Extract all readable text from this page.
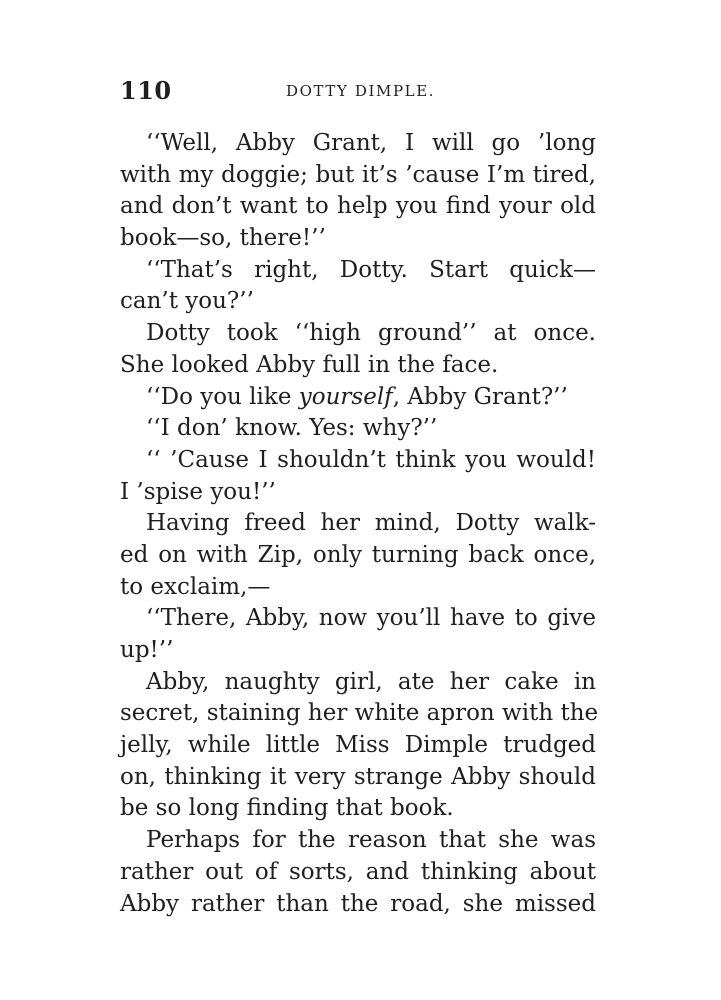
110	DOTTY DIMPLE.
‘‘Well, Abby Grant, I will go ’long
with my doggie; but it’s ’cause I’m tired,
and don’t want to help you find your old
book—so, there!’’
‘‘That’s right, Dotty. Start quick—
can’t you?’’
Dotty took ‘‘high ground’’ at once.
She looked Abby full in the face.
‘‘Do you like yourself, Abby Grant?’’
‘‘I don’ know. Yes: why?’’
‘‘ ’Cause I shouldn’t think you would!
I ’spise you!’’
Having freed her mind, Dotty walk-
ed on with Zip, only turning back once,
to exclaim,—
‘‘There, Abby, now you’ll have to give
up!’’
Abby, naughty girl, ate her cake in
secret, staining her white apron with the
jelly, while little Miss Dimple trudged
on, thinking it very strange Abby should
be so long finding that book.
Perhaps for the reason that she was
rather out of sorts, and thinking about
Abby rather than the road, she missed
